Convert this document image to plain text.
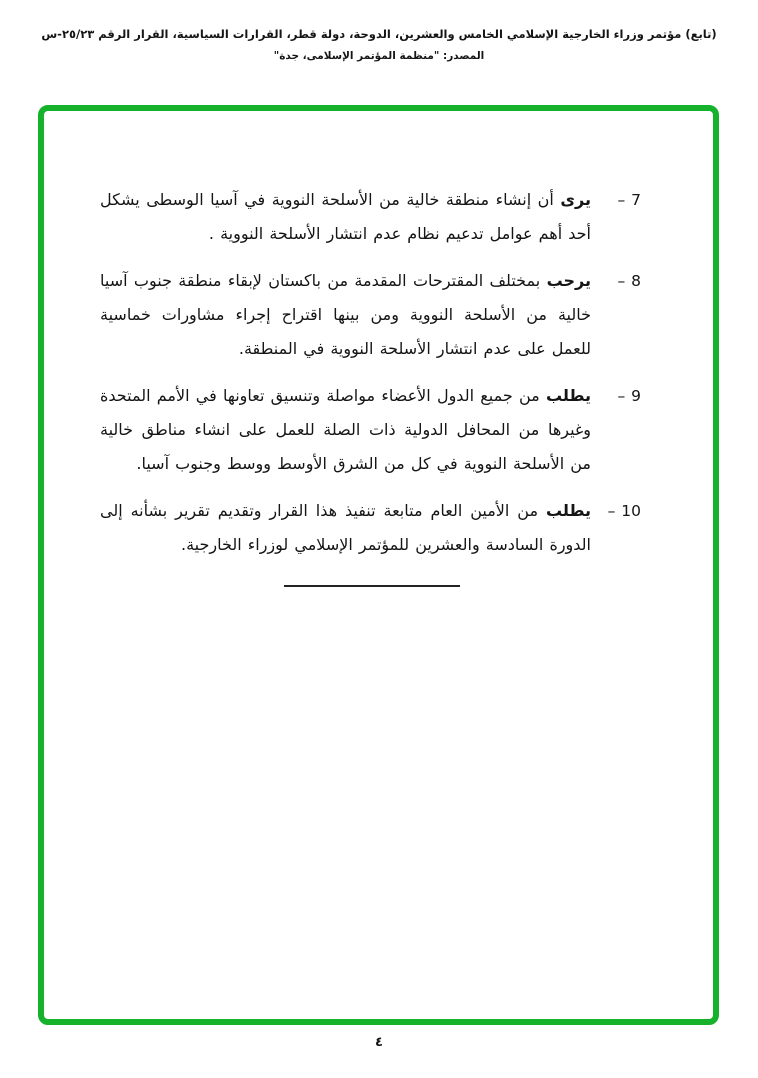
(تابع) مؤتمر وزراء الخارجية الإسلامي الخامس والعشرين، الدوحة، دولة قطر، القرارات السياسية، القرار الرقم ٢٥/٢٣-س
المصدر: "منظمة المؤتمر الإسلامى، جدة"
7 –
يرى أن إنشاء منطقة خالية من الأسلحة النووية في آسيا الوسطى يشكل أحد أهم عوامل تدعيم نظام عدم انتشار الأسلحة النووية .
8 –
يرحب بمختلف المقترحات المقدمة من باكستان لإبقاء منطقة جنوب آسيا خالية من الأسلحة النووية ومن بينها اقتراح إجراء مشاورات خماسية للعمل على عدم انتشار الأسلحة النووية في المنطقة.
9 –
يطلب من جميع الدول الأعضاء مواصلة وتنسيق تعاونها في الأمم المتحدة وغيرها من المحافل الدولية ذات الصلة للعمل على انشاء مناطق خالية من الأسلحة النووية في كل من الشرق الأوسط ووسط وجنوب آسيا.
10 –
يطلب من الأمين العام متابعة تنفيذ هذا القرار وتقديم تقرير بشأنه إلى الدورة السادسة والعشرين للمؤتمر الإسلامي لوزراء الخارجية.
٤
